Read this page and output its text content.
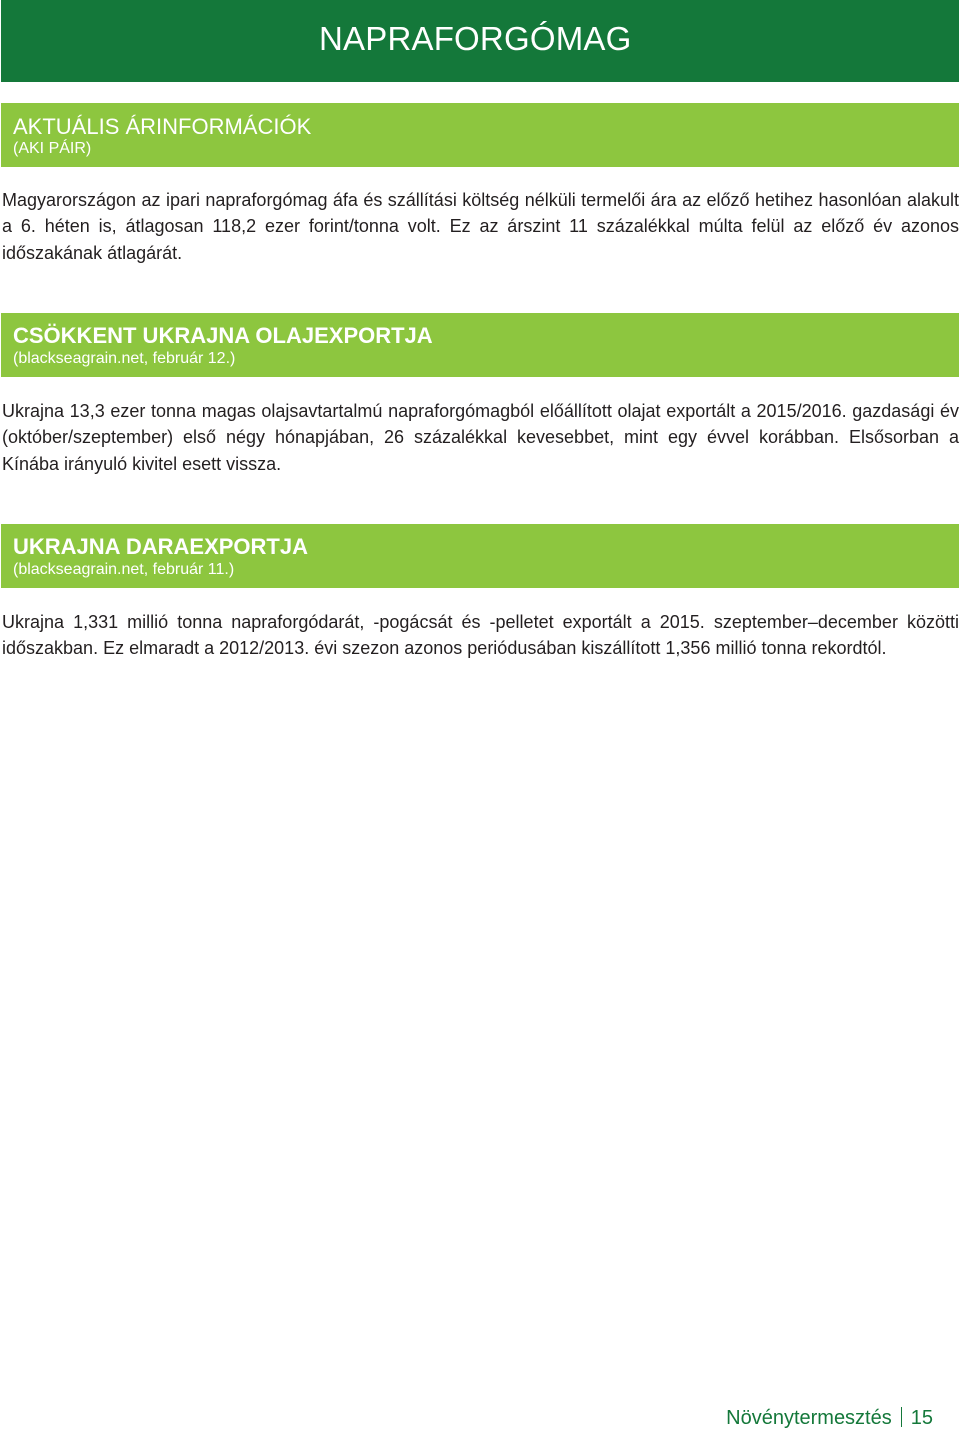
NAPRAFORGÓMAG
AKTUÁLIS ÁRINFORMÁCIÓK
(AKI PÁIR)

Magyarországon az ipari napraforgómag áfa és szállítási költség nélküli termelői ára az előző hetihez hasonlóan alakult a 6. héten is, átlagosan 118,2 ezer forint/tonna volt. Ez az árszint 11 százalékkal múlta felül az előző év azonos időszakának átlagárát.

CSÖKKENT UKRAJNA OLAJEXPORTJA
(blackseagrain.net, február 12.)

Ukrajna 13,3 ezer tonna magas olajsavtartalmú napraforgómagból előállított olajat exportált a 2015/2016. gazdasági év (október/szeptember) első négy hónapjában, 26 százalékkal kevesebbet, mint egy évvel korábban. Elsősorban a Kínába irányuló kivitel esett vissza.

UKRAJNA DARAEXPORTJA
(blackseagrain.net, február 11.)

Ukrajna 1,331 millió tonna napraforgódarát, -pogácsát és -pelletet exportált a 2015. szeptember–december közötti időszakban. Ez elmaradt a 2012/2013. évi szezon azonos periódusában kiszállított 1,356 millió tonna rekordtól.

Növénytermesztés 15
